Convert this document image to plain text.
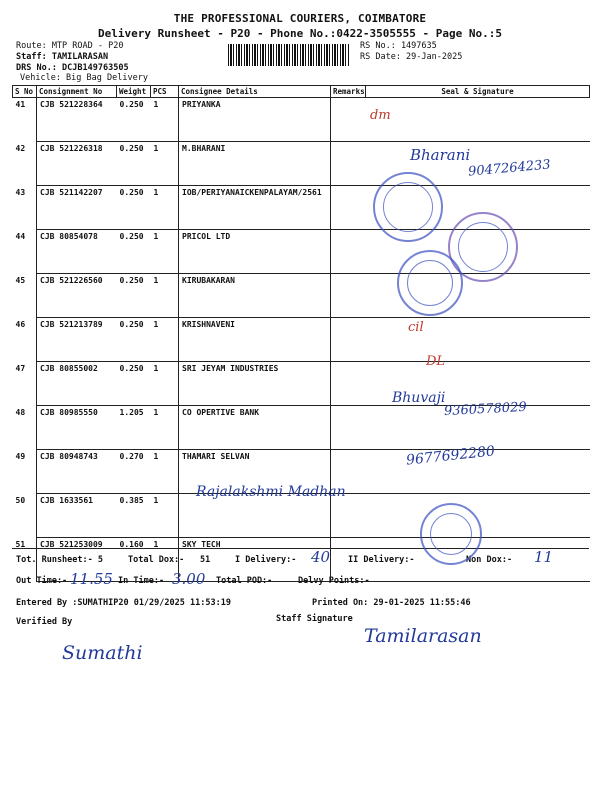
THE PROFESSIONAL COURIERS, COIMBATORE
Delivery Runsheet - P20 - Phone No.:0422-3505555 - Page No.:5
Route: MTP ROAD - P20
Staff: TAMILARASAN
DRS No.: DCJB149763505
Vehicle: Big Bag Delivery
RS No.: 1497635
RS Date: 29-Jan-2025
S No	Consignment No	Weight	PCS	Consignee Details	Remarks	Seal & Signature
41	CJB 521228364	0.250	1	PRIYANKA		
42	CJB 521226318	0.250	1	M.BHARANI		
43	CJB 521142207	0.250	1	IOB/PERIYANAICKENPALAYAM/2561		
44	CJB 80854078	0.250	1	PRICOL LTD		
45	CJB 521226560	0.250	1	KIRUBAKARAN		
46	CJB 521213789	0.250	1	KRISHNAVENI		
47	CJB 80855002	0.250	1	SRI JEYAM INDUSTRIES		
48	CJB 80985550	1.205	1	CO OPERTIVE BANK		
49	CJB 80948743	0.270	1	THAMARI SELVAN		
50	CJB 1633561	0.385	1			
51	CJB 521253009	0.160	1	SKY TECH		
Tot. Runsheet:- 5	Total Dox:- 51	I Delivery:-	II Delivery:-	Non Dox:-
Out Time:-	In Time:-	Total POD:-	Delvy Points:-
Entered By :SUMATHIP20 01/29/2025 11:53:19	Printed On: 29-01-2025 11:55:46
Verified By	Staff Signature
dm
Bharani
9047264233
cil
DL
Bhuvaji
9360578029
9677692280
Rajalakshmi Madhan
40	11
11.55	3.00
Sumathi
Tamilarasan
